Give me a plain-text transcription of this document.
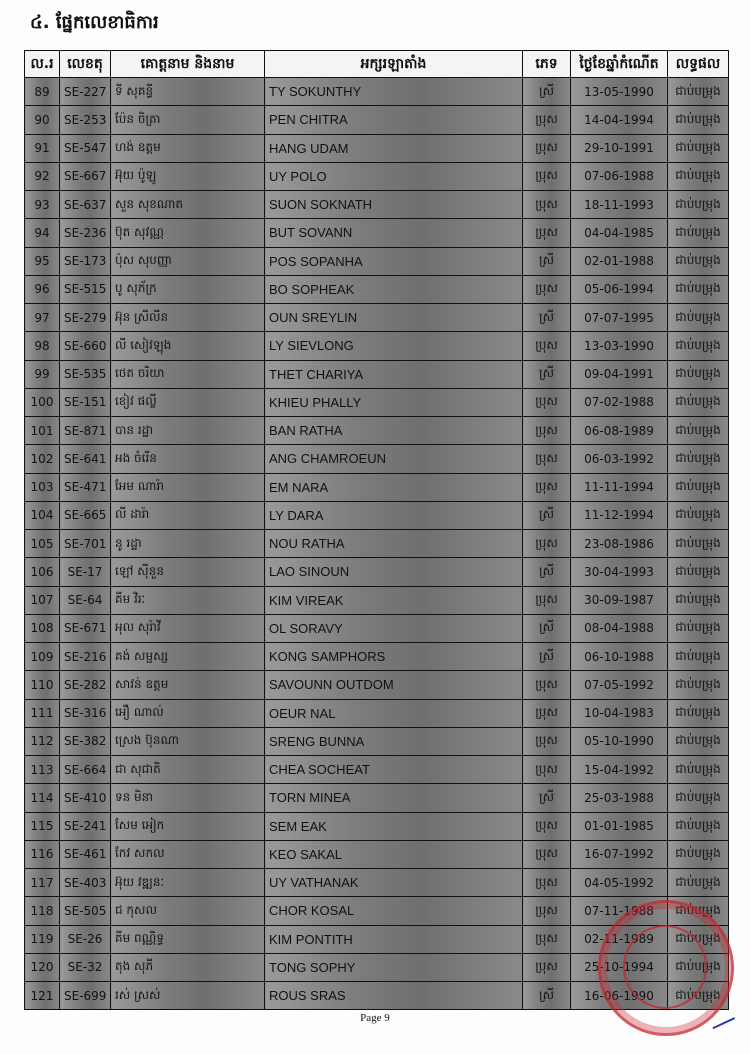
៤. ផ្នែកលេខាធិការ
ល.រ	លេខតុ	គោត្តនាម និងនាម	អក្សរឡាតាំង	ភេទ	ថ្ងៃខែឆ្នាំកំណើត	លទ្ធផល
89	SE-227	ទី សុគន្ធី	TY SOKUNTHY	ស្រី	13-05-1990	ជាប់បម្រុង
90	SE-253	ប៉ែន ចិត្រា	PEN CHITRA	ប្រុស	14-04-1994	ជាប់បម្រុង
91	SE-547	ហង់ ឧត្តម	HANG UDAM	ប្រុស	29-10-1991	ជាប់បម្រុង
92	SE-667	អ៊ុយ ប៉ូឡូ	UY POLO	ប្រុស	07-06-1988	ជាប់បម្រុង
93	SE-637	សួន សុខណាត	SUON SOKNATH	ប្រុស	18-11-1993	ជាប់បម្រុង
94	SE-236	ប៊ុត សុវណ្ណ	BUT SOVANN	ប្រុស	04-04-1985	ជាប់បម្រុង
95	SE-173	ប៉ុស សុបញ្ញា	POS SOPANHA	ស្រី	02-01-1988	ជាប់បម្រុង
96	SE-515	បូ សុភ័ក្រ	BO SOPHEAK	ប្រុស	05-06-1994	ជាប់បម្រុង
97	SE-279	អ៊ុន ស្រីលីន	OUN SREYLIN	ស្រី	07-07-1995	ជាប់បម្រុង
98	SE-660	លី សៀវឡុង	LY SIEVLONG	ប្រុស	13-03-1990	ជាប់បម្រុង
99	SE-535	ថេត ចរិយា	THET CHARIYA	ស្រី	09-04-1991	ជាប់បម្រុង
100	SE-151	ខៀវ ផល្លី	KHIEU PHALLY	ប្រុស	07-02-1988	ជាប់បម្រុង
101	SE-871	បាន រដ្ឋា	BAN RATHA	ប្រុស	06-08-1989	ជាប់បម្រុង
102	SE-641	អង ចំរើន	ANG CHAMROEUN	ប្រុស	06-03-1992	ជាប់បម្រុង
103	SE-471	អែម ណារ៉ា	EM NARA	ប្រុស	11-11-1994	ជាប់បម្រុង
104	SE-665	លី ដារ៉ា	LY DARA	ស្រី	11-12-1994	ជាប់បម្រុង
105	SE-701	នូ រដ្ឋា	NOU RATHA	ប្រុស	23-08-1986	ជាប់បម្រុង
106	SE-17	ឡៅ ស៊ីនួន	LAO SINOUN	ស្រី	30-04-1993	ជាប់បម្រុង
107	SE-64	គីម វិរៈ	KIM VIREAK	ប្រុស	30-09-1987	ជាប់បម្រុង
108	SE-671	អុល សុរ៉ាវី	OL SORAVY	ស្រី	08-04-1988	ជាប់បម្រុង
109	SE-216	គង់ សម្ផស្ស	KONG SAMPHORS	ស្រី	06-10-1988	ជាប់បម្រុង
110	SE-282	សាវន់ ឧត្តម	SAVOUNN OUTDOM	ប្រុស	07-05-1992	ជាប់បម្រុង
111	SE-316	អឿ ណាល់	OEUR NAL	ប្រុស	10-04-1983	ជាប់បម្រុង
112	SE-382	ស្រេង ប៊ុនណា	SRENG BUNNA	ប្រុស	05-10-1990	ជាប់បម្រុង
113	SE-664	ជា សុជាតិ	CHEA SOCHEAT	ប្រុស	15-04-1992	ជាប់បម្រុង
114	SE-410	ទន មិនា	TORN MINEA	ស្រី	25-03-1988	ជាប់បម្រុង
115	SE-241	សែម អៀក	SEM EAK	ប្រុស	01-01-1985	ជាប់បម្រុង
116	SE-461	កែវ សកល	KEO SAKAL	ប្រុស	16-07-1992	ជាប់បម្រុង
117	SE-403	អ៊ុយ វឌ្ឍនៈ	UY VATHANAK	ប្រុស	04-05-1992	ជាប់បម្រុង
118	SE-505	ជ កុសល	CHOR KOSAL	ប្រុស	07-11-1988	ជាប់បម្រុង
119	SE-26	គីម ពណ្ណិទ្ធ	KIM PONTITH	ប្រុស	02-11-1989	ជាប់បម្រុង
120	SE-32	តុង សុភី	TONG SOPHY	ប្រុស	25-10-1994	ជាប់បម្រុង
121	SE-699	រស់ ស្រស់	ROUS SRAS	ស្រី	16-06-1990	ជាប់បម្រុង
Page 9
